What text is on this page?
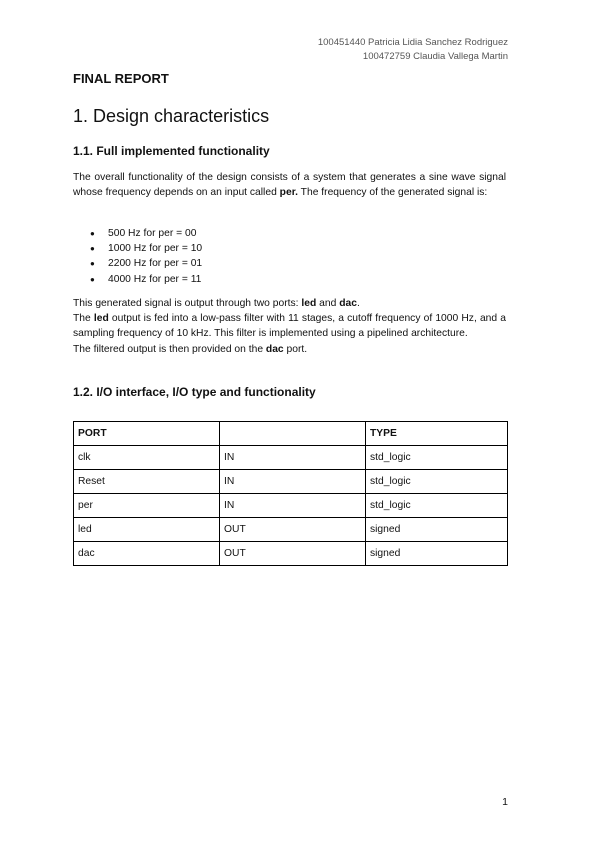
100451440 Patricia Lidia Sanchez Rodriguez
100472759 Claudia Vallega Martin
FINAL REPORT
1. Design characteristics
1.1. Full implemented functionality
The overall functionality of the design consists of a system that generates a sine wave signal whose frequency depends on an input called per. The frequency of the generated signal is:
● 500 Hz for per = 00
● 1000 Hz for per = 10
● 2200 Hz for per = 01
● 4000 Hz for per = 11
This generated signal is output through two ports: led and dac.
The led output is fed into a low-pass filter with 11 stages, a cutoff frequency of 1000 Hz, and a sampling frequency of 10 kHz. This filter is implemented using a pipelined architecture.
The filtered output is then provided on the dac port.
1.2. I/O interface, I/O type and functionality
PORT		TYPE
clk	IN	std_logic
Reset	IN	std_logic
per	IN	std_logic
led	OUT	signed
dac	OUT	signed
1
